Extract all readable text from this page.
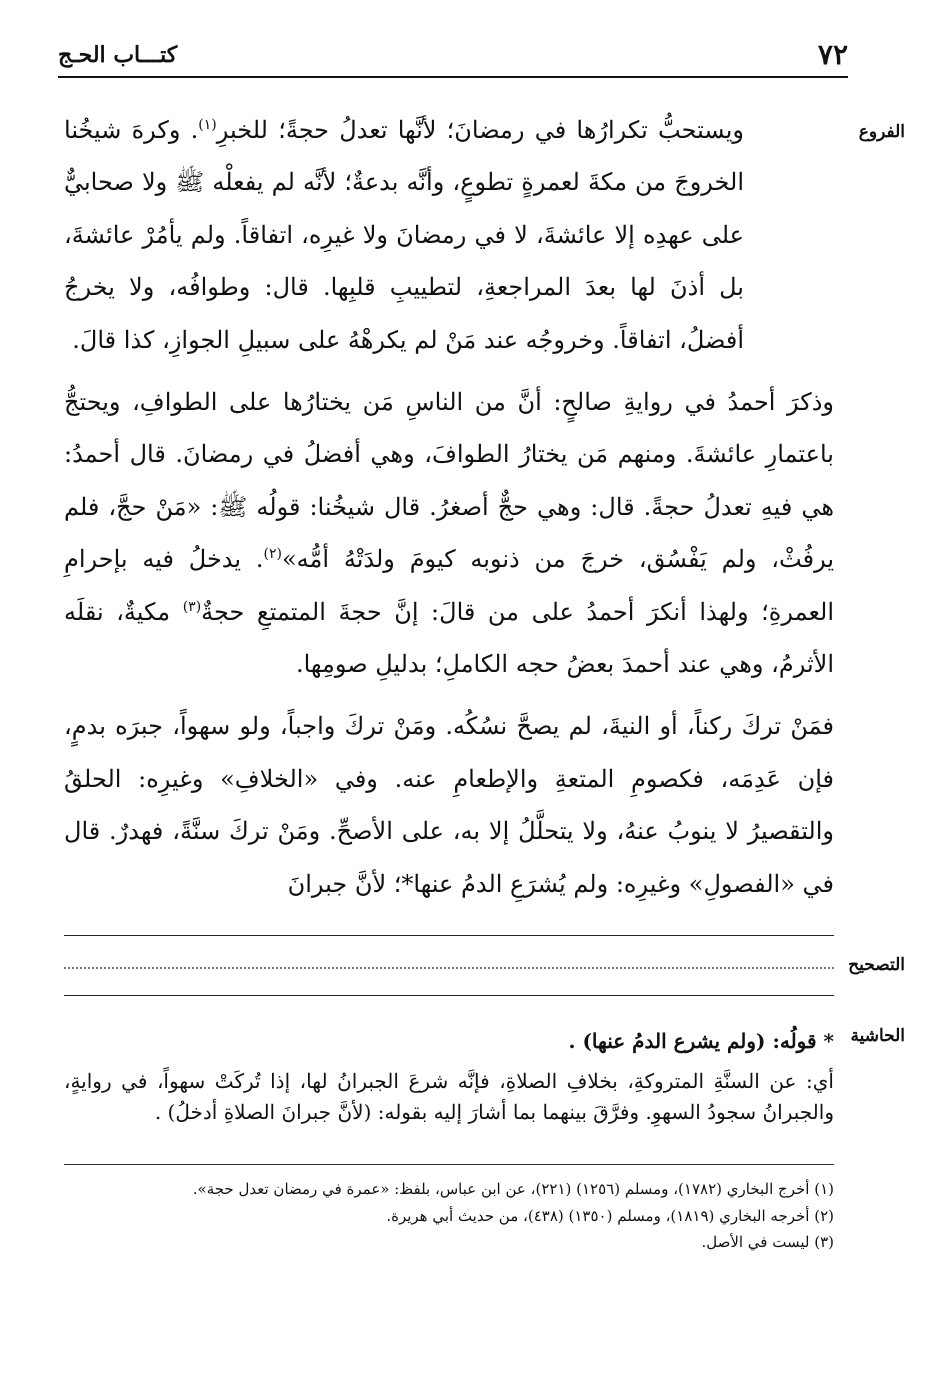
٧٢
كتـــاب الحـج
الفروع

ويستحبُّ تكرارُها في رمضانَ؛ لأنَّها تعدلُ حجةً؛ للخبرِ$^{(١)}$. وكرهَ شيخُنا الخروجَ من مكةَ لعمرةٍ تطوعٍ، وأنَّه بدعةٌ؛ لأنَّه لم يفعلْه ﷺ ولا صحابيٌّ على عهدِه إلا عائشةَ، لا في رمضانَ ولا غيرِه، اتفاقاً. ولم يأمُرْ عائشةَ، بل أذنَ لها بعدَ المراجعةِ، لتطييبِ قلبِها. قال: وطوافُه، ولا يخرجُ أفضلُ، اتفاقاً. وخروجُه عند مَنْ لم يكرهْهُ على سبيلِ الجوازِ، كذا قالَ.

وذكرَ أحمدُ في روايةِ صالحٍ: أنَّ من الناسِ مَن يختارُها على الطوافِ، ويحتجُّ باعتمارِ عائشةَ. ومنهم مَن يختارُ الطوافَ، وهي أفضلُ في رمضانَ. قال أحمدُ: هي فيهِ تعدلُ حجةً. قال: وهي حجٌّ أصغرُ. قال شيخُنا: قولُه ﷺ: «مَنْ حجَّ، فلم يرفُثْ، ولم يَفْسُق، خرجَ من ذنوبه كيومَ ولدَتْهُ أمُّه»$^{(٢)}$. يدخلُ فيه بإحرامِ العمرةِ؛ ولهذا أنكرَ أحمدُ على من قالَ: إنَّ حجةَ المتمتعِ حجةٌ$^{(٣)}$ مكيةٌ، نقلَه الأثرمُ، وهي عند أحمدَ بعضُ حجه الكاملِ؛ بدليلِ صومِها.

فمَنْ تركَ ركناً، أو النيةَ، لم يصحَّ نسُكُه. ومَنْ تركَ واجباً، ولو سهواً، جبرَه بدمٍ، فإن عَدِمَه، فكصومِ المتعةِ والإطعامِ عنه. وفي «الخلافِ» وغيرِه: الحلقُ والتقصيرُ لا ينوبُ عنهُ، ولا يتحلَّلُ إلا به، على الأصحِّ. ومَنْ تركَ سنَّةً، فهدرٌ. قال في «الفصولِ» وغيرِه: ولم يُشرَعِ الدمُ عنها*؛ لأنَّ جبرانَ

التصحيح
الحاشية

* قولُه: (ولم يشرع الدمُ عنها) .

أي: عن السنَّةِ المتروكةِ، بخلافِ الصلاةِ، فإنَّه شرعَ الجبرانُ لها، إذا تُركَتْ سهواً، في روايةٍ، والجبرانُ سجودُ السهوِ. وفرَّقَ بينهما بما أشارَ إليه بقوله: (لأنَّ جبرانَ الصلاةِ أدخلُ) .

(١) أخرج البخاري (١٧٨٢)، ومسلم (١٢٥٦) (٢٢١)، عن ابن عباس، بلفظ: «عمرة في رمضان تعدل حجة».

(٢) أخرجه البخاري (١٨١٩)، ومسلم (١٣٥٠) (٤٣٨)، من حديث أبي هريرة.

(٣) ليست في الأصل.
